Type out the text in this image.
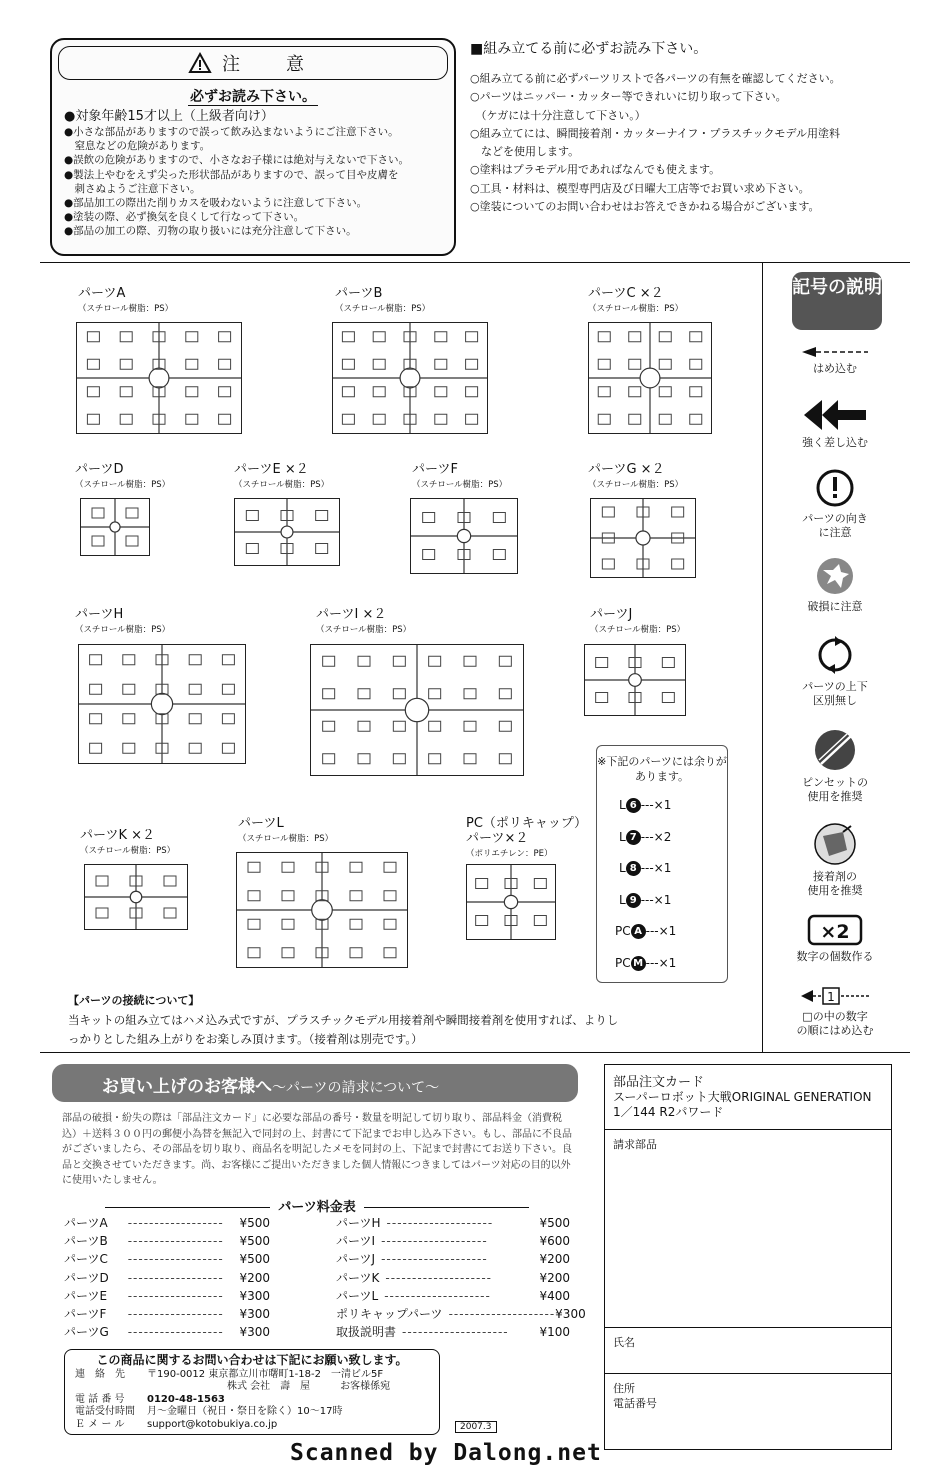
注　意
必ずお読み下さい。
●対象年齢15才以上（上級者向け）
●小さな部品がありますので誤って飲み込まないようにご注意下さい。
　窒息などの危険があります。
●誤飲の危険がありますので、小さなお子様には絶対与えないで下さい。
●製法上やむをえず尖った形状部品がありますので、誤って目や皮膚を
　刺さぬようご注意下さい。
●部品加工の際出た削りカスを吸わないように注意して下さい。
●塗装の際、必ず換気を良くして行なって下さい。
●部品の加工の際、刃物の取り扱いには充分注意して下さい。
■組み立てる前に必ずお読み下さい。
○組み立てる前に必ずパーツリストで各パーツの有無を確認してください。
○パーツはニッパー・カッター等できれいに切り取って下さい。
　（ケガには十分注意して下さい。）
○組み立てには、瞬間接着剤・カッターナイフ・プラスチックモデル用塗料
　などを使用します。
○塗料はプラモデル用であればなんでも使えます。
○工具・材料は、模型専門店及び日曜大工店等でお買い求め下さい。
○塗装についてのお問い合わせはお答えできかねる場合がございます。
パーツA
（スチロール樹脂：PS）
パーツB
（スチロール樹脂：PS）
パーツC ×２
（スチロール樹脂：PS）
パーツD
（スチロール樹脂：PS）
パーツE ×２
（スチロール樹脂：PS）
パーツF
（スチロール樹脂：PS）
パーツG ×２
（スチロール樹脂：PS）
パーツH
（スチロール樹脂：PS）
パーツI ×２
（スチロール樹脂：PS）
パーツJ
（スチロール樹脂：PS）
パーツK ×２
（スチロール樹脂：PS）
パーツL
（スチロール樹脂：PS）
PC（ポリキャップ）パーツ×２
（ポリエチレン：PE）
記号の説明
はめ込む
強く差し込む
パーツの向き
に注意
破損に注意
パーツの上下
区別無し
ピンセットの
使用を推奨
接着剤の
使用を推奨
×2
数字の個数作る
1
□の中の数字
の順にはめ込む
※下記のパーツには余りがあります。
L 6 ---×1
L 7 ---×2
L 8 ---×1
L 9 ---×1
PC A ---×1
PC M ---×1
【パーツの接続について】
当キットの組み立てはハメ込み式ですが、プラスチックモデル用接着剤や瞬間接着剤を使用すれば、よりしっかりとした組み上がりをお楽しみ頂けます。（接着剤は別売です。）
お買い上げのお客様へ～パーツの請求について～
部品の破損・紛失の際は「部品注文カード」に必要な部品の番号・数量を明記して切り取り、部品料金（消費税込）＋送料３００円の郵便小為替を無記入で同封の上、封書にて下記までお申し込み下さい。もし、部品に不良品がございましたら、その部品を切り取り、商品名を明記したメモを同封の上、下記まで封書にてお送り下さい。良品と交換させていただきます。尚、お客様にご提出いただきました個人情報につきましてはパーツ対応の目的以外に使用いたしません。
パーツ料金表
パーツA	------------------	¥500
パーツB	------------------	¥500
パーツC	------------------	¥500
パーツD	------------------	¥200
パーツE	------------------	¥300
パーツF	------------------	¥300
パーツG	------------------	¥300
パーツH --------------------	¥500
パーツI --------------------	¥600
パーツJ --------------------	¥200
パーツK --------------------	¥200
パーツL --------------------	¥400
ポリキャップパーツ -------------------- ¥300
取扱説明書 --------------------	¥100
この商品に関するお問い合わせは下記にお願い致します。
連　絡　先	〒190-0012 東京都立川市曙町1-18-2　一清ビル5F
株式 会社　壽　屋　　　お客様係宛
電 話 番 号	0120-48-1563
電話受付時間	月～金曜日（祝日・祭日を除く）10～17時
Ｅ メ ー ル	support@kotobukiya.co.jp	2007.3
部品注文カード
スーパーロボット大戦ORIGINAL GENERATION
1／144 R2パワード
請求部品
氏名
住所
電話番号
Scanned by Dalong.net
